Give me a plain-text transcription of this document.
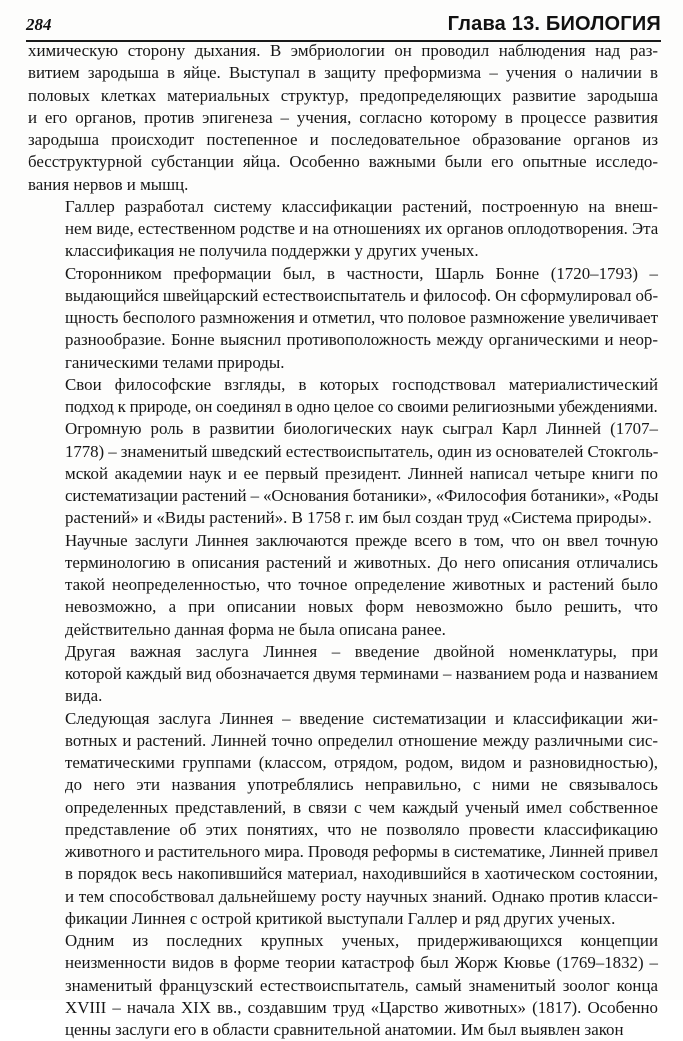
284	Глава 13. БИОЛОГИЯ
химическую сторону дыхания. В эмбриологии он проводил наблюдения над раз-
витием зародыша в яйце. Выступал в защиту преформизма – учения о наличии в
половых клетках материальных структур, предопределяющих развитие зародыша
и его органов, против эпигенеза – учения, согласно которому в процессе развития
зародыша происходит постепенное и последовательное образование органов из
бесструктурной субстанции яйца. Особенно важными были его опытные исследо-
вания нервов и мышц.
Галлер разработал систему классификации растений, построенную на внеш-
нем виде, естественном родстве и на отношениях их органов оплодотворения. Эта
классификация не получила поддержки у других ученых.
Сторонником преформации был, в частности, Шарль Бонне (1720–1793) –
выдающийся швейцарский естествоиспытатель и философ. Он сформулировал об-
щность бесполого размножения и отметил, что половое размножение увеличивает
разнообразие. Бонне выяснил противоположность между органическими и неор-
ганическими телами природы.
Свои философские взгляды, в которых господствовал материалистический
подход к природе, он соединял в одно целое со своими религиозными убеждениями.
Огромную роль в развитии биологических наук сыграл Карл Линней (1707–
1778) – знаменитый шведский естествоиспытатель, один из основателей Стокголь-
мской академии наук и ее первый президент. Линней написал четыре книги по
систематизации растений – «Основания ботаники», «Философия ботаники», «Роды
растений» и «Виды растений». В 1758 г. им был создан труд «Система природы».
Научные заслуги Линнея заключаются прежде всего в том, что он ввел точную
терминологию в описания растений и животных. До него описания отличались
такой неопределенностью, что точное определение животных и растений было
невозможно, а при описании новых форм невозможно было решить, что
действительно данная форма не была описана ранее.
Другая важная заслуга Линнея – введение двойной номенклатуры, при
которой каждый вид обозначается двумя терминами – названием рода и названием
вида.
Следующая заслуга Линнея – введение систематизации и классификации жи-
вотных и растений. Линней точно определил отношение между различными сис-
тематическими группами (классом, отрядом, родом, видом и разновидностью),
до него эти названия употреблялись неправильно, с ними не связывалось
определенных представлений, в связи с чем каждый ученый имел собственное
представление об этих понятиях, что не позволяло провести классификацию
животного и растительного мира. Проводя реформы в систематике, Линней привел
в порядок весь накопившийся материал, находившийся в хаотическом состоянии,
и тем способствовал дальнейшему росту научных знаний. Однако против класси-
фикации Линнея с острой критикой выступали Галлер и ряд других ученых.
Одним из последних крупных ученых, придерживающихся концепции
неизменности видов в форме теории катастроф был Жорж Кювье (1769–1832) –
знаменитый французский естествоиспытатель, самый знаменитый зоолог конца
XVIII – начала XIX вв., создавшим труд «Царство животных» (1817). Особенно
ценны заслуги его в области сравнительной анатомии. Им был выявлен закон
